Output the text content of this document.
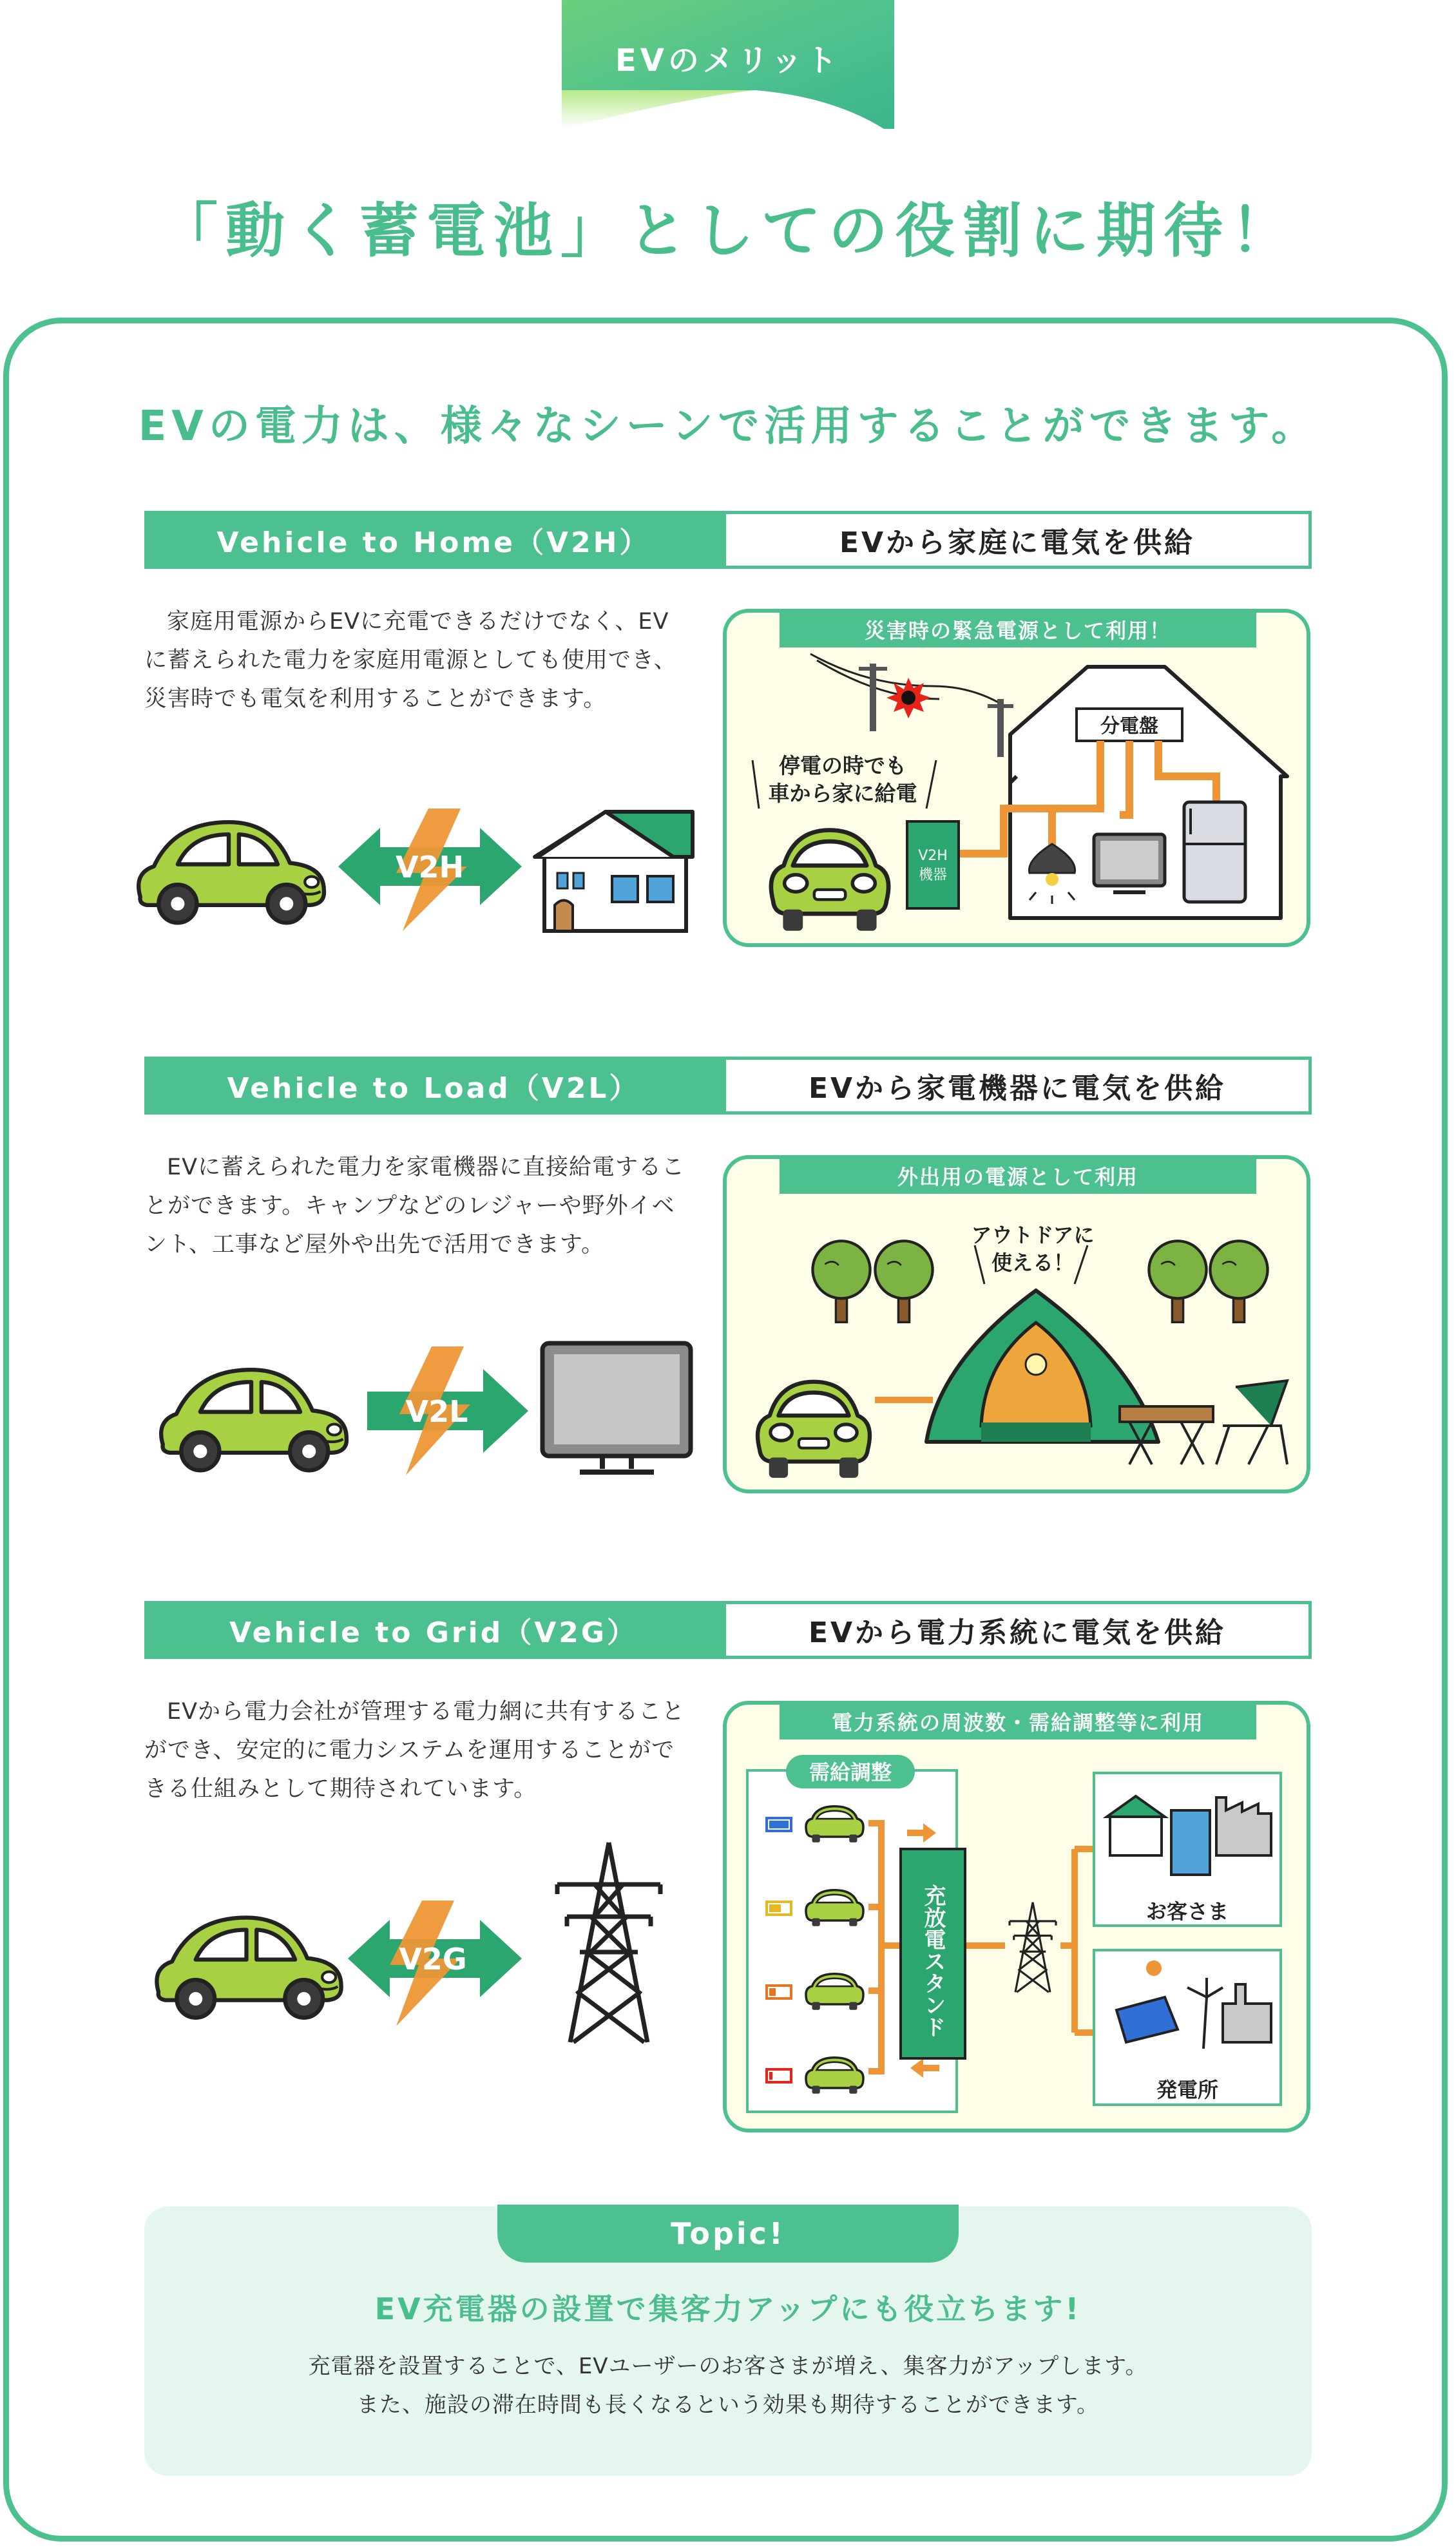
EVのメリット
「動く蓄電池」としての役割に期待！
EVの電力は、様々なシーンで活用することができます。
Vehicle to Home（V2H）	EVから家庭に電気を供給
家庭用電源からEVに充電できるだけでなく、EVに蓄えられた電力を家庭用電源としても使用でき、災害時でも電気を利用することができます。
V2H
災害時の緊急電源として利用！
分電盤
V2H
機器
停電の時でも
車から家に給電
Vehicle to Load（V2L）	EVから家電機器に電気を供給
EVに蓄えられた電力を家電機器に直接給電することができます。キャンプなどのレジャーや野外イベント、工事など屋外や出先で活用できます。
V2L
外出用の電源として利用
アウトドアに
使える！
Vehicle to Grid（V2G）	EVから電力系統に電気を供給
EVから電力会社が管理する電力網に共有することができ、安定的に電力システムを運用することができる仕組みとして期待されています。
V2G
電力系統の周波数・需給調整等に利用
需給調整
充放電スタンド	お客さま
発電所
Topic!
EV充電器の設置で集客力アップにも役立ちます!
充電器を設置することで、EVユーザーのお客さまが増え、集客力がアップします。
また、施設の滞在時間も長くなるという効果も期待することができます。
